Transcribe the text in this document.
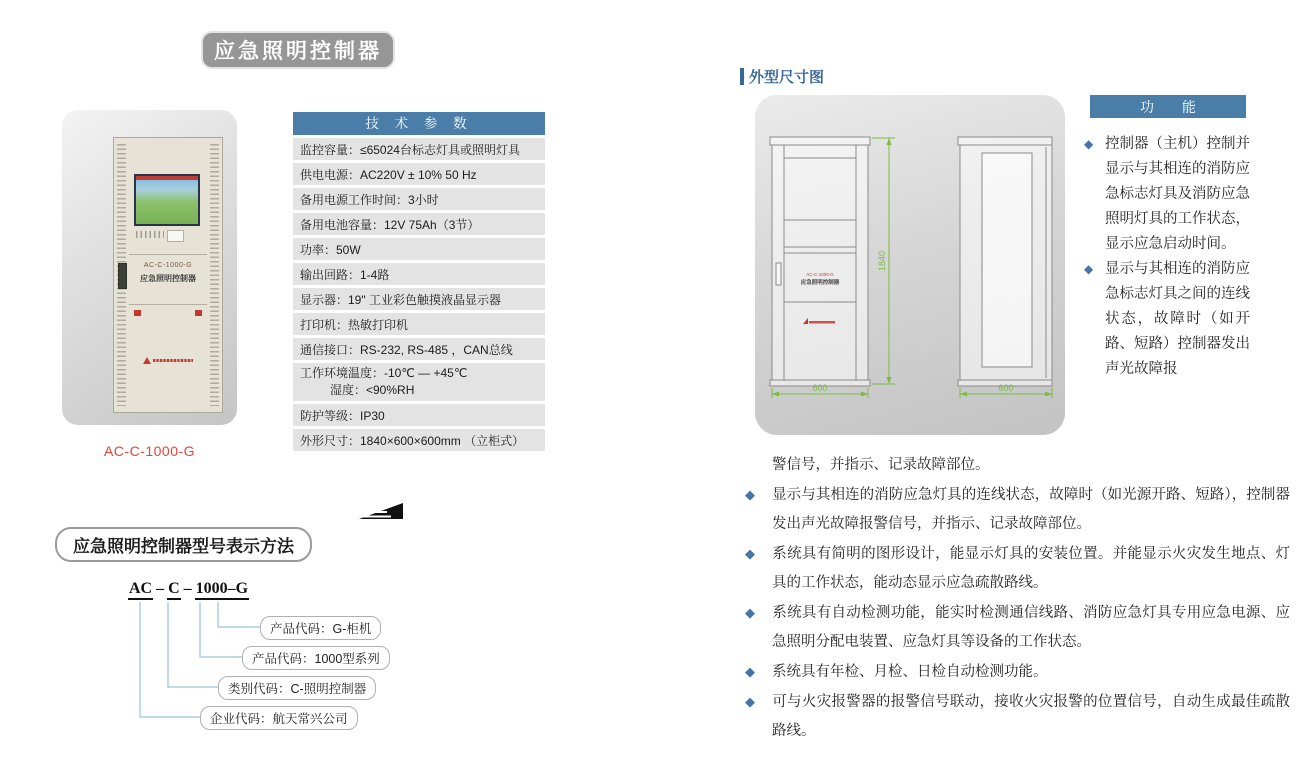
应急照明控制器
AC-C-1000-G
应急照明控制器
AC-C-1000-G
技 术 参 数
监控容量：≤65024台标志灯具或照明灯具
供电电源：AC220V ± 10% 50 Hz
备用电源工作时间：3小时
备用电池容量：12V 75Ah（3节）
功率：50W
输出回路：1-4路
显示器：19" 工业彩色触摸液晶显示器
打印机：热敏打印机
通信接口：RS-232, RS-485 ，CAN总线
工作环境温度：-10℃ — +45℃
湿度：<90%RH
防护等级：IP30
外形尺寸：1840×600×600mm （立柜式）
应急照明控制器型号表示方法
AC – C – 1000–G
产品代码：G-柜机
产品代码：1000型系列
类别代码：C-照明控制器
企业代码：航天常兴公司
外型尺寸图
AC-C-1000-G
应急照明控制器
1840
600	600
功 能
◆ 控制器（主机）控制并显示与其相连的消防应急标志灯具及消防应急照明灯具的工作状态，显示应急启动时间。
◆ 显示与其相连的消防应急标志灯具之间的连线状态，故障时（如开路、短路）控制器发出声光故障报
警信号，并指示、记录故障部位。
◆ 显示与其相连的消防应急灯具的连线状态，故障时（如光源开路、短路），控制器发出声光故障报警信号，并指示、记录故障部位。
◆ 系统具有简明的图形设计，能显示灯具的安装位置。并能显示火灾发生地点、灯具的工作状态，能动态显示应急疏散路线。
◆ 系统具有自动检测功能，能实时检测通信线路、消防应急灯具专用应急电源、应急照明分配电装置、应急灯具等设备的工作状态。
◆ 系统具有年检、月检、日检自动检测功能。
◆ 可与火灾报警器的报警信号联动，接收火灾报警的位置信号，自动生成最佳疏散路线。
